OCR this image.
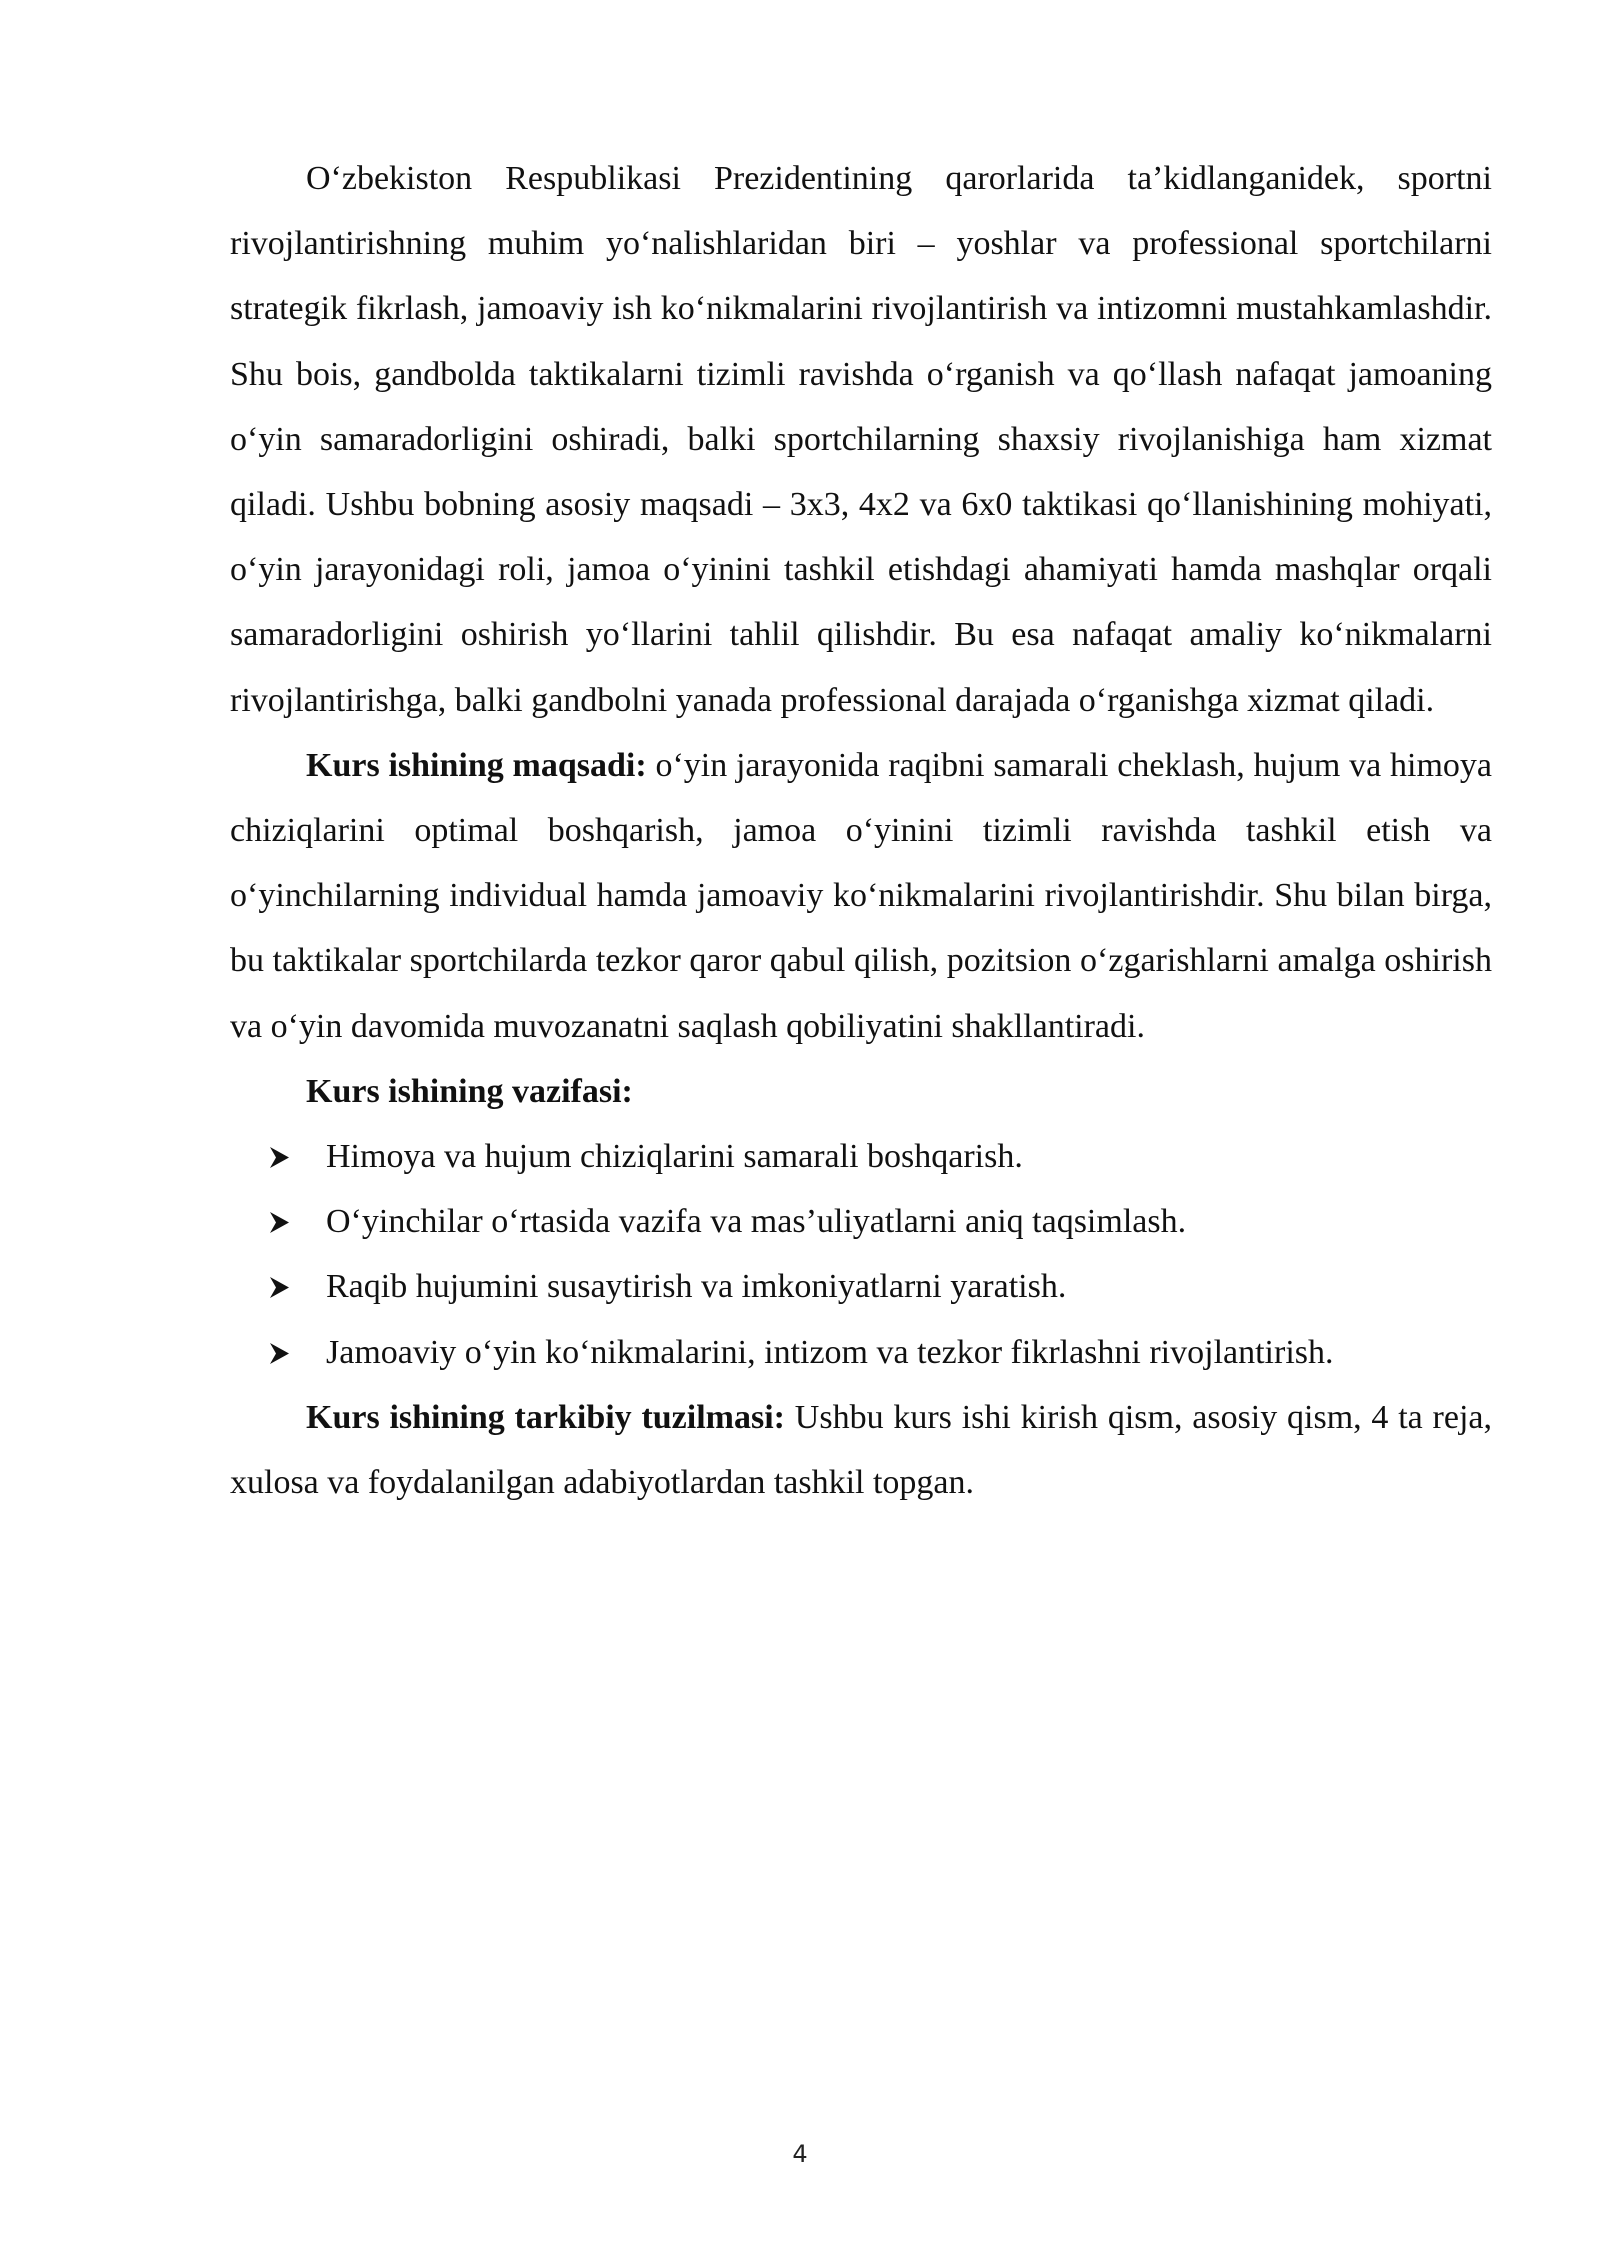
O‘zbekiston Respublikasi Prezidentining qarorlarida ta’kidlanganidek, sportni rivojlantirishning muhim yo‘nalishlaridan biri – yoshlar va professional sportchilarni strategik fikrlash, jamoaviy ish ko‘nikmalarini rivojlantirish va intizomni mustahkamlashdir. Shu bois, gandbolda taktikalarni tizimli ravishda o‘rganish va qo‘llash nafaqat jamoaning o‘yin samaradorligini oshiradi, balki sportchilarning shaxsiy rivojlanishiga ham xizmat qiladi. Ushbu bobning asosiy maqsadi – 3x3, 4x2 va 6x0 taktikasi qo‘llanishining mohiyati, o‘yin jarayonidagi roli, jamoa o‘yinini tashkil etishdagi ahamiyati hamda mashqlar orqali samaradorligini oshirish yo‘llarini tahlil qilishdir. Bu esa nafaqat amaliy ko‘nikmalarni rivojlantirishga, balki gandbolni yanada professional darajada o‘rganishga xizmat qiladi.

Kurs ishining maqsadi: o‘yin jarayonida raqibni samarali cheklash, hujum va himoya chiziqlarini optimal boshqarish, jamoa o‘yinini tizimli ravishda tashkil etish va o‘yinchilarning individual hamda jamoaviy ko‘nikmalarini rivojlantirishdir. Shu bilan birga, bu taktikalar sportchilarda tezkor qaror qabul qilish, pozitsion o‘zgarishlarni amalga oshirish va o‘yin davomida muvozanatni saqlash qobiliyatini shakllantiradi.

Kurs ishining vazifasi:

Himoya va hujum chiziqlarini samarali boshqarish.
O‘yinchilar o‘rtasida vazifa va mas’uliyatlarni aniq taqsimlash.
Raqib hujumini susaytirish va imkoniyatlarni yaratish.
Jamoaviy o‘yin ko‘nikmalarini, intizom va tezkor fikrlashni rivojlantirish.

Kurs ishining tarkibiy tuzilmasi: Ushbu kurs ishi kirish qism, asosiy qism, 4 ta reja, xulosa va foydalanilgan adabiyotlardan tashkil topgan.

4
